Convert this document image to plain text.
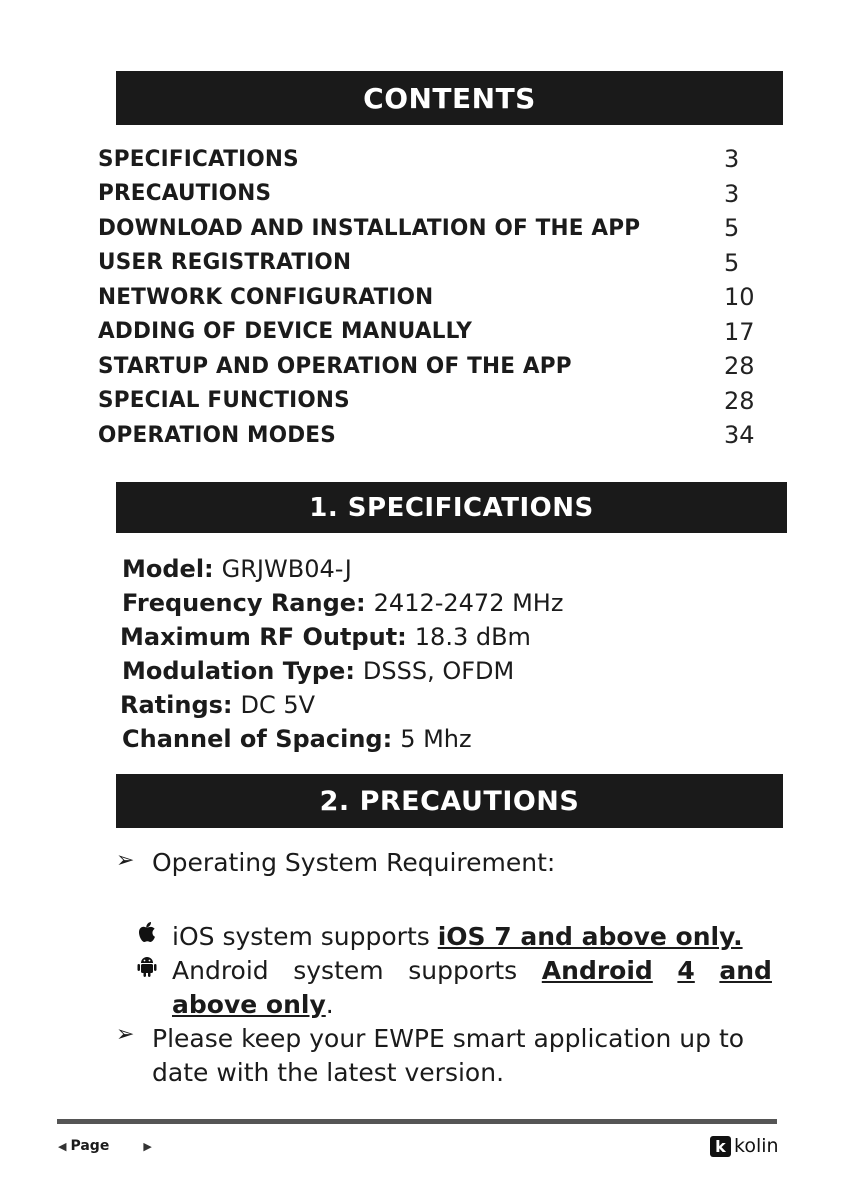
CONTENTS
SPECIFICATIONS	3
PRECAUTIONS	3
DOWNLOAD AND INSTALLATION OF THE APP	5
USER REGISTRATION	5
NETWORK CONFIGURATION	10
ADDING OF DEVICE MANUALLY	17
STARTUP AND OPERATION OF THE APP	28
SPECIAL FUNCTIONS	28
OPERATION MODES	34
1. SPECIFICATIONS
Model: GRJWB04-J
Frequency Range: 2412-2472 MHz
Maximum RF Output: 18.3 dBm
Modulation Type: DSSS, OFDM
Ratings: DC 5V
Channel of Spacing: 5 Mhz
2. PRECAUTIONS
➢ Operating System Requirement:
iOS system supports iOS 7 and above only.
Android system supports Android 4 and
above only.
➢ Please keep your EWPE smart application up to date with the latest version.
◀ Page	▶	k kolin
